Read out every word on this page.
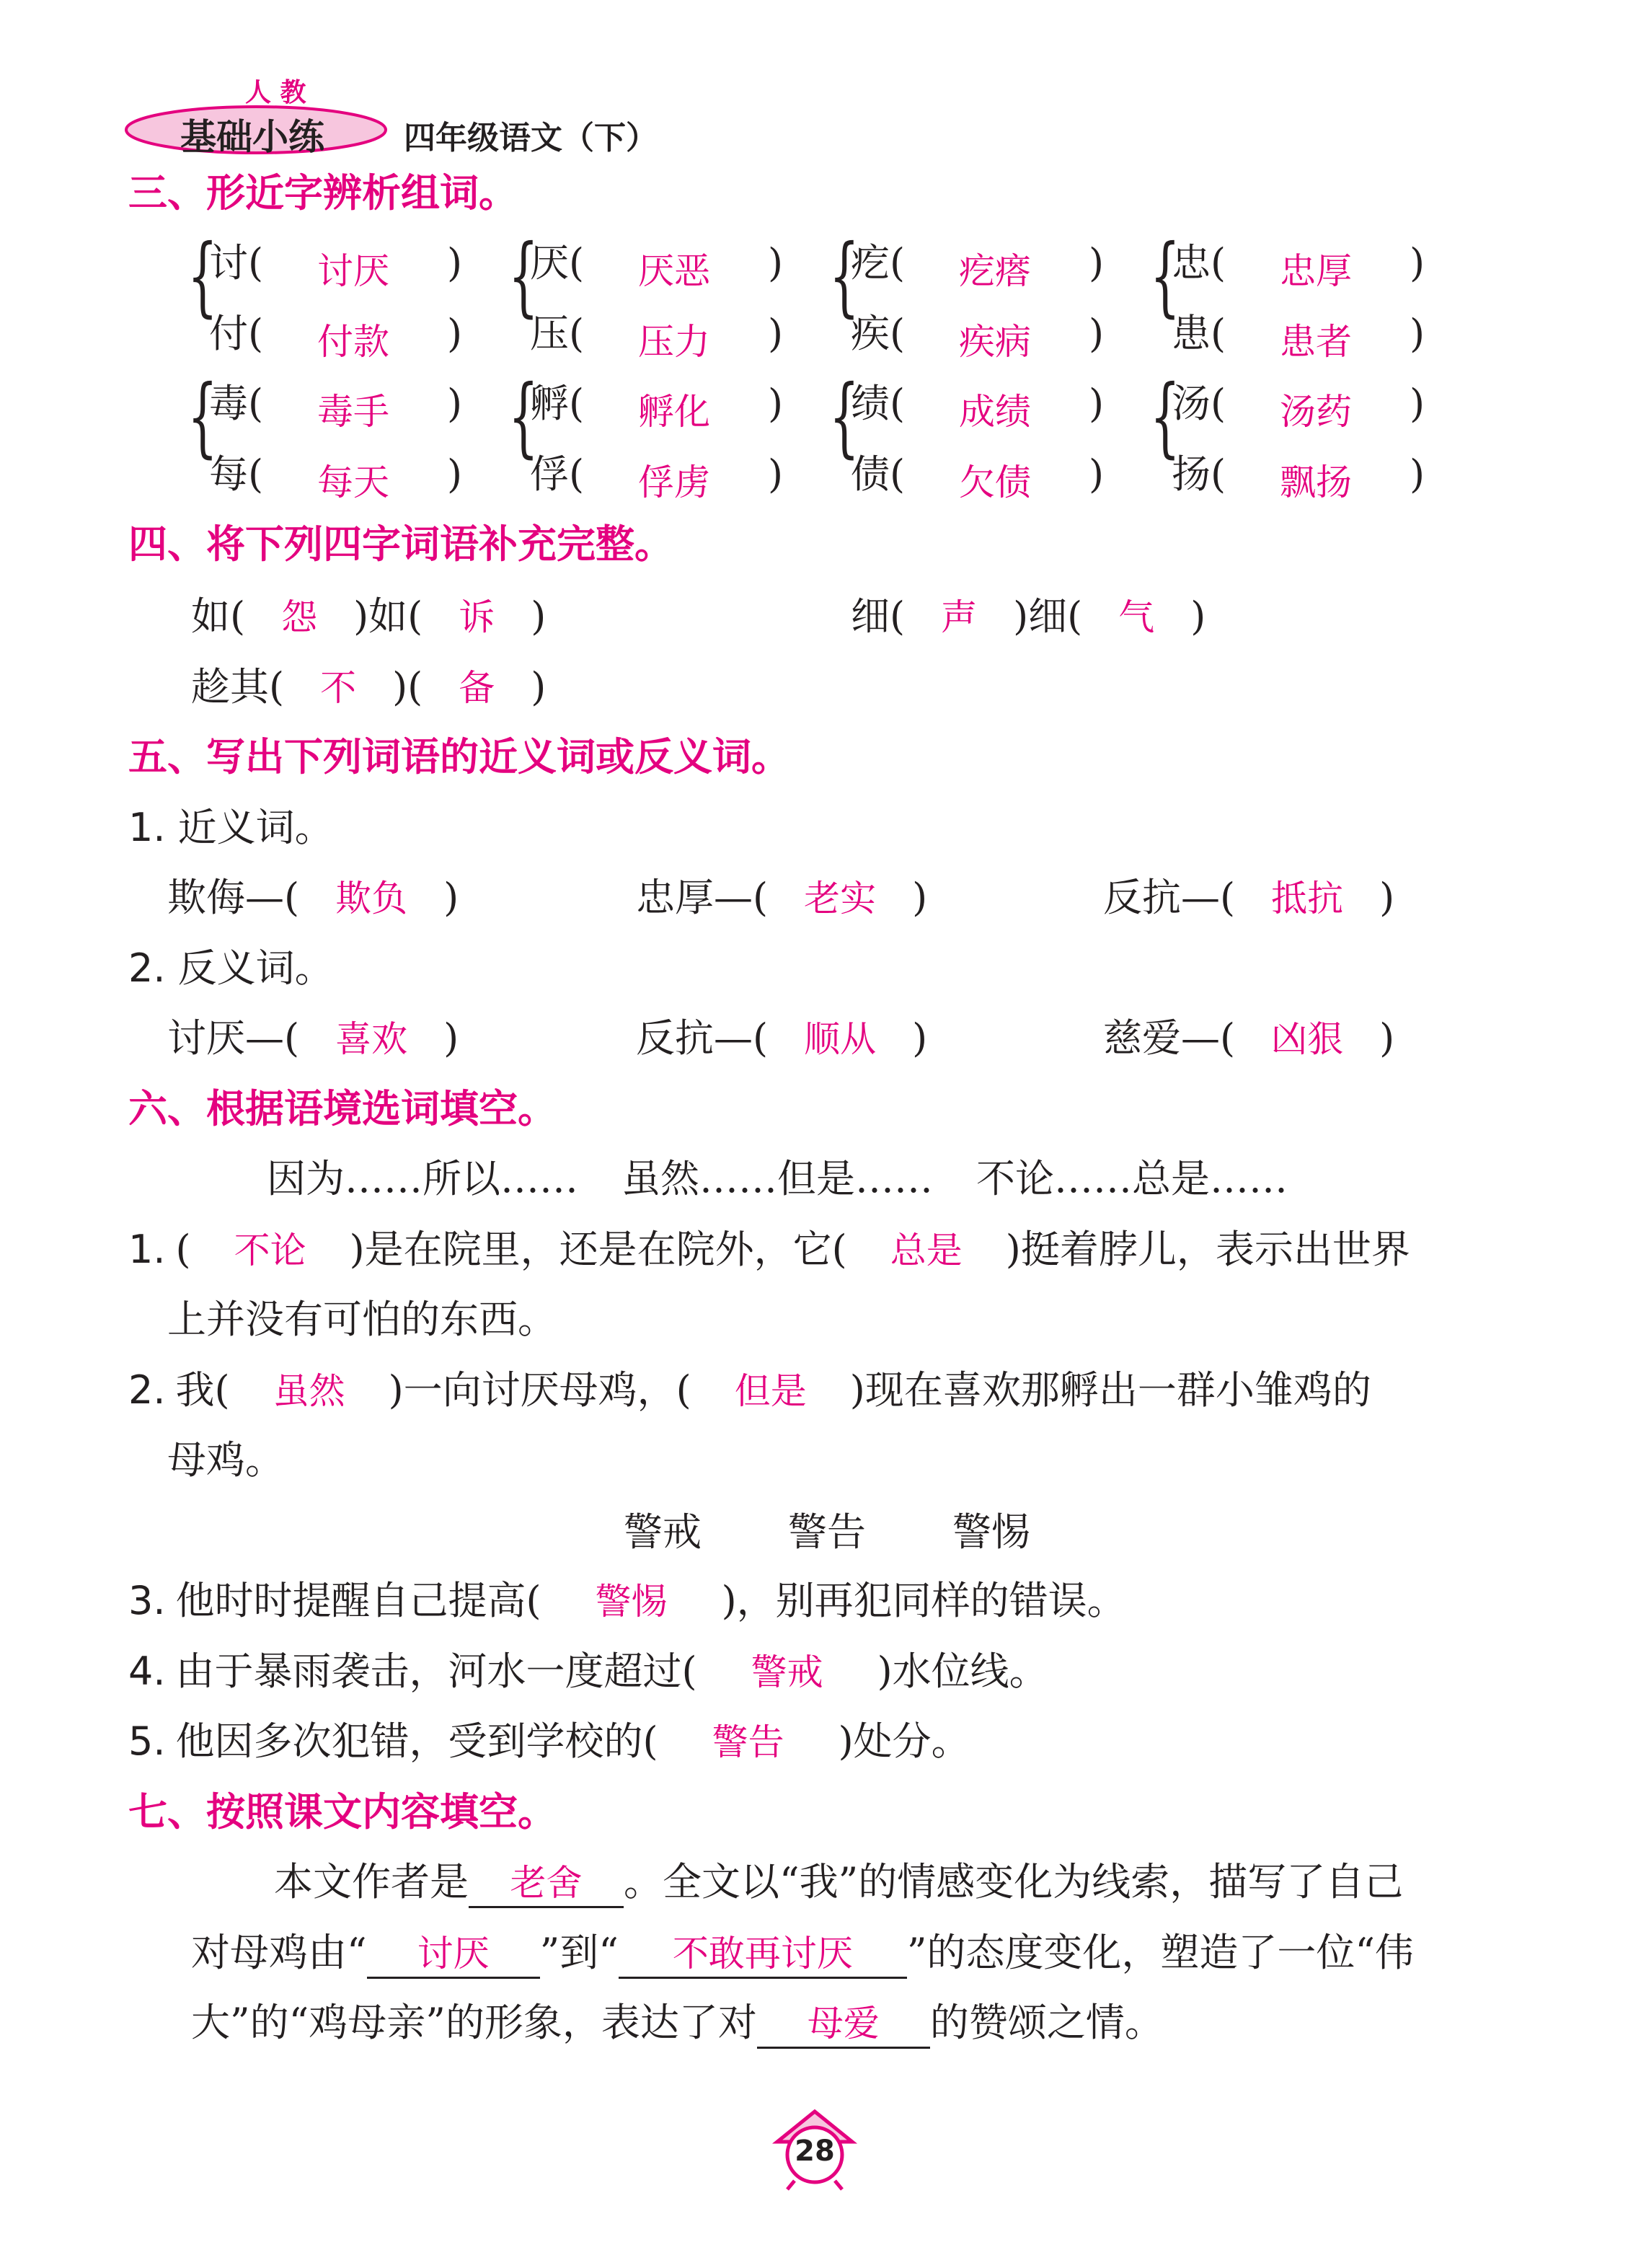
人 教
基础小练	四年级语文（下）
三、形近字辨析组词。
{
讨( 讨厌 )
付( 付款 )
{
厌( 厌恶 )
压( 压力 )
{
疙( 疙瘩 )
疾( 疾病 )
{
忠( 忠厚 )
患( 患者 )
{
毒( 毒手 )
每( 每天 )
{
孵( 孵化 )
俘( 俘虏 )
{
绩( 成绩 )
债( 欠债 )
{
汤( 汤药 )
扬( 飘扬 )
四、将下列四字词语补充完整。
如( 怨 )如( 诉 )	细( 声 )细( 气 )
趁其( 不 )( 备 )
五、写出下列词语的近义词或反义词。
1. 近义词。
欺侮—( 欺负 )	忠厚—( 老实 )	反抗—( 抵抗 )
2. 反义词。
讨厌—( 喜欢 )	反抗—( 顺从 )	慈爱—( 凶狠 )
六、根据语境选词填空。
因为……所以…… 虽然……但是…… 不论……总是……
1. ( 不论 )是在院里，还是在院外，它( 总是 )挺着脖儿，表示出世界
上并没有可怕的东西。
2. 我( 虽然 )一向讨厌母鸡，( 但是 )现在喜欢那孵出一群小雏鸡的
母鸡。
警戒 警告 警惕
3. 他时时提醒自己提高( 警惕 )，别再犯同样的错误。
4. 由于暴雨袭击，河水一度超过( 警戒 )水位线。
5. 他因多次犯错，受到学校的( 警告 )处分。
七、按照课文内容填空。
本文作者是 老舍 。全文以“我”的情感变化为线索，描写了自己
对母鸡由“ 讨厌 ”到“ 不敢再讨厌 ”的态度变化，塑造了一位“伟
大”的“鸡母亲”的形象，表达了对 母爱 的赞颂之情。
28
